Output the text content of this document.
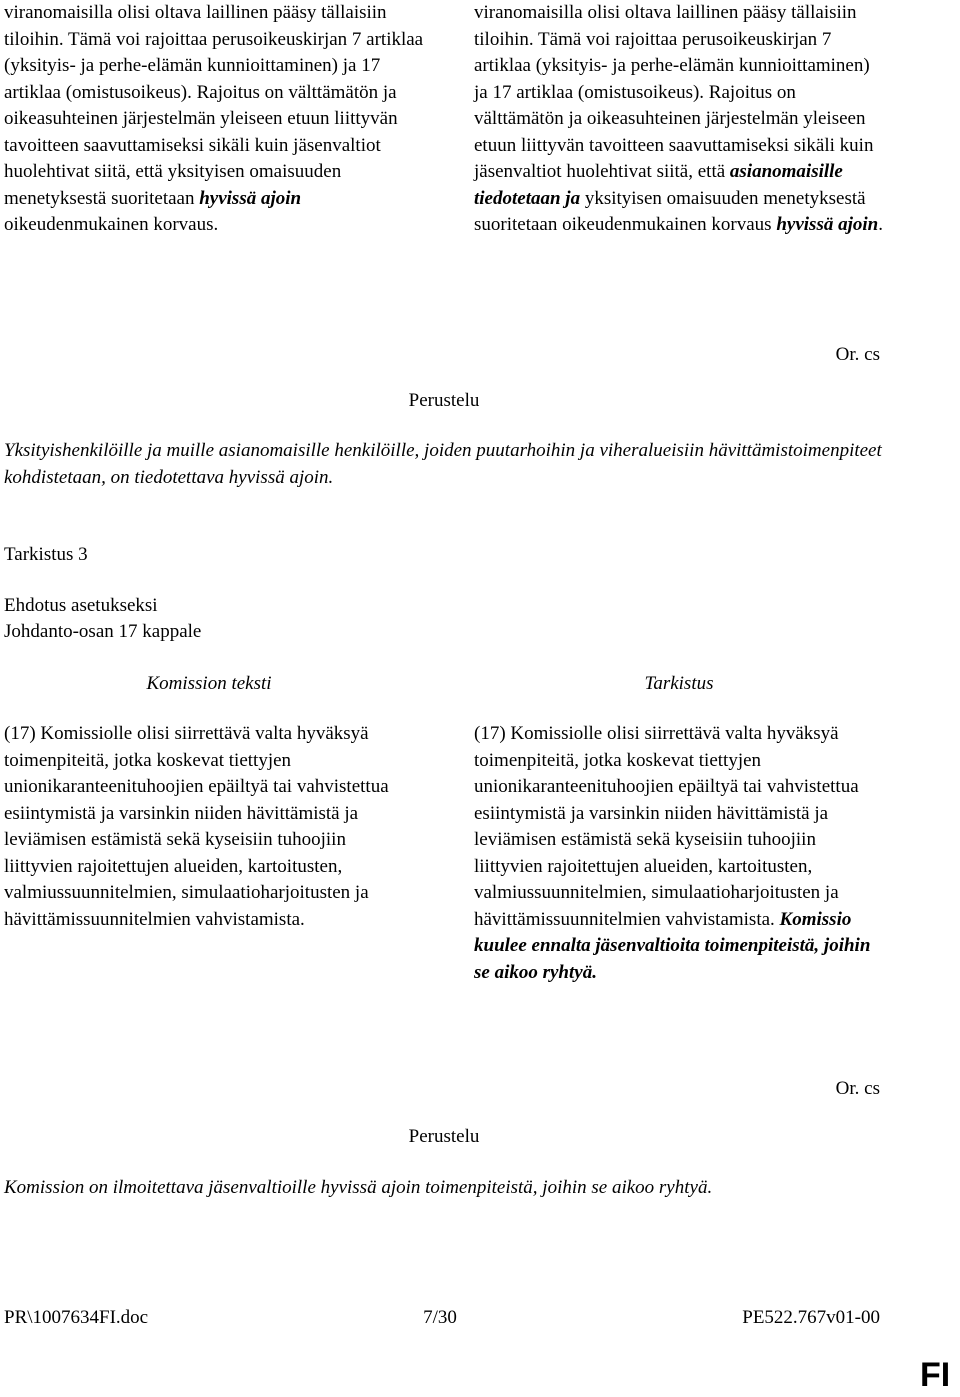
viranomaisilla olisi oltava laillinen pääsy tällaisiin tiloihin. Tämä voi rajoittaa perusoikeuskirjan 7 artiklaa (yksityis- ja perhe-elämän kunnioittaminen) ja 17 artiklaa (omistusoikeus). Rajoitus on välttämätön ja oikeasuhteinen järjestelmän yleiseen etuun liittyvän tavoitteen saavuttamiseksi sikäli kuin jäsenvaltiot huolehtivat siitä, että yksityisen omaisuuden menetyksestä suoritetaan hyvissä ajoin oikeudenmukainen korvaus.

viranomaisilla olisi oltava laillinen pääsy tällaisiin tiloihin. Tämä voi rajoittaa perusoikeuskirjan 7 artiklaa (yksityis- ja perhe-elämän kunnioittaminen) ja 17 artiklaa (omistusoikeus). Rajoitus on välttämätön ja oikeasuhteinen järjestelmän yleiseen etuun liittyvän tavoitteen saavuttamiseksi sikäli kuin jäsenvaltiot huolehtivat siitä, että asianomaisille tiedotetaan ja yksityisen omaisuuden menetyksestä suoritetaan oikeudenmukainen korvaus hyvissä ajoin.

Or. cs
Perustelu
Yksityishenkilöille ja muille asianomaisille henkilöille, joiden puutarhoihin ja viheralueisiin hävittämistoimenpiteet kohdistetaan, on tiedotettava hyvissä ajoin.
Tarkistus 3
Ehdotus asetukseksi
Johdanto-osan 17 kappale
Komission teksti	Tarkistus

(17) Komissiolle olisi siirrettävä valta hyväksyä toimenpiteitä, jotka koskevat tiettyjen unionikaranteenituhoojien epäiltyä tai vahvistettua esiintymistä ja varsinkin niiden hävittämistä ja leviämisen estämistä sekä kyseisiin tuhoojiin liittyvien rajoitettujen alueiden, kartoitusten, valmiussuunnitelmien, simulaatioharjoitusten ja hävittämissuunnitelmien vahvistamista.

(17) Komissiolle olisi siirrettävä valta hyväksyä toimenpiteitä, jotka koskevat tiettyjen unionikaranteenituhoojien epäiltyä tai vahvistettua esiintymistä ja varsinkin niiden hävittämistä ja leviämisen estämistä sekä kyseisiin tuhoojiin liittyvien rajoitettujen alueiden, kartoitusten, valmiussuunnitelmien, simulaatioharjoitusten ja hävittämissuunnitelmien vahvistamista. Komissio kuulee ennalta jäsenvaltioita toimenpiteistä, joihin se aikoo ryhtyä.

Or. cs
Perustelu
Komission on ilmoitettava jäsenvaltioille hyvissä ajoin toimenpiteistä, joihin se aikoo ryhtyä.
PR\1007634FI.doc	7/30	PE522.767v01-00
FI
